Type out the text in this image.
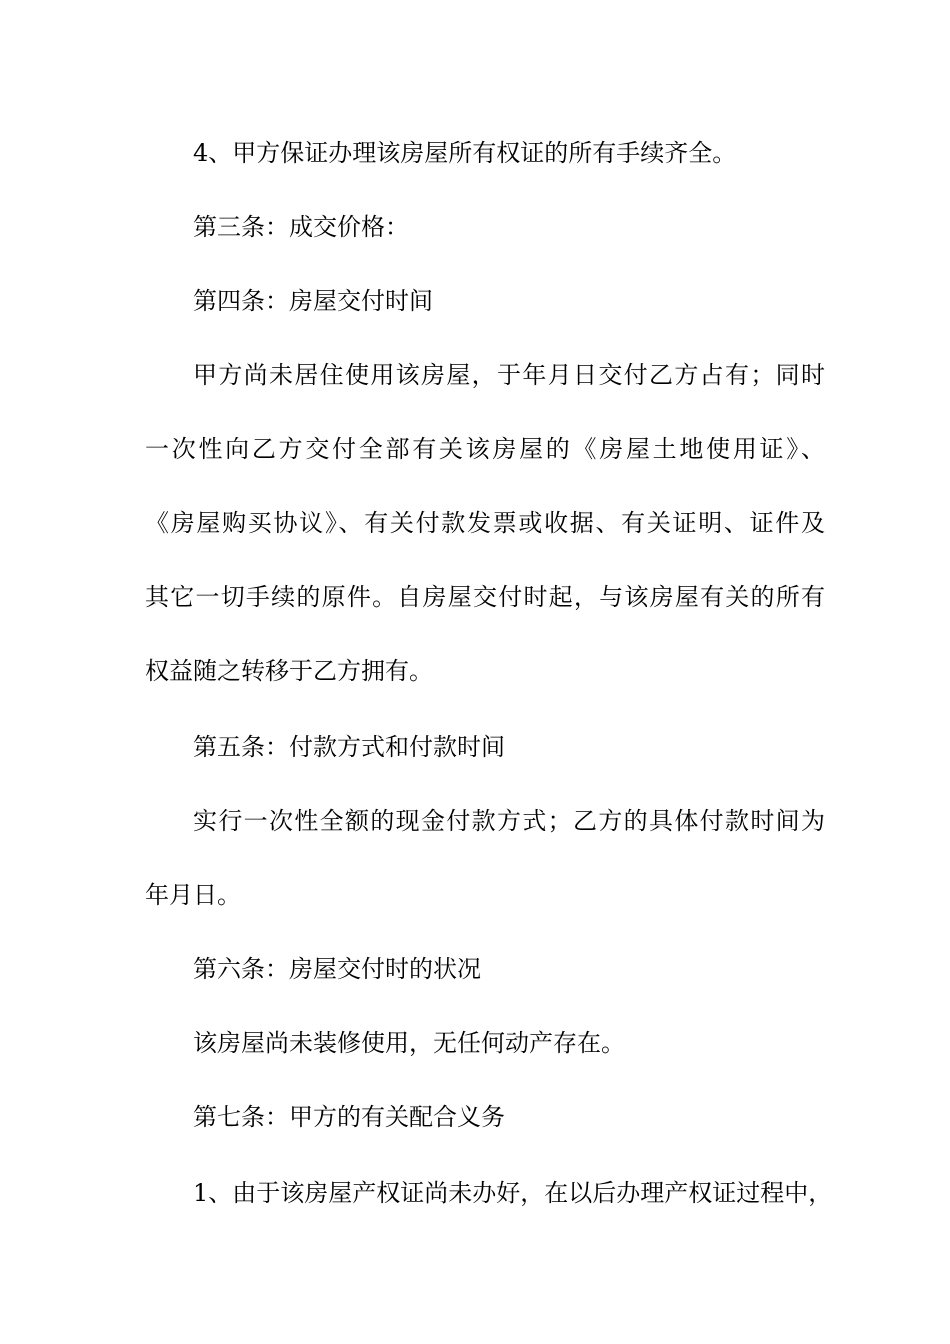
4、甲方保证办理该房屋所有权证的所有手续齐全。
第三条：成交价格：
第四条：房屋交付时间
甲方尚未居住使用该房屋，于年月日交付乙方占有；同时
一次性向乙方交付全部有关该房屋的《房屋土地使用证》、
《房屋购买协议》、有关付款发票或收据、有关证明、证件及
其它一切手续的原件。自房屋交付时起，与该房屋有关的所有
权益随之转移于乙方拥有。
第五条：付款方式和付款时间
实行一次性全额的现金付款方式；乙方的具体付款时间为
年月日。
第六条：房屋交付时的状况
该房屋尚未装修使用，无任何动产存在。
第七条：甲方的有关配合义务
1、由于该房屋产权证尚未办好，在以后办理产权证过程中，
